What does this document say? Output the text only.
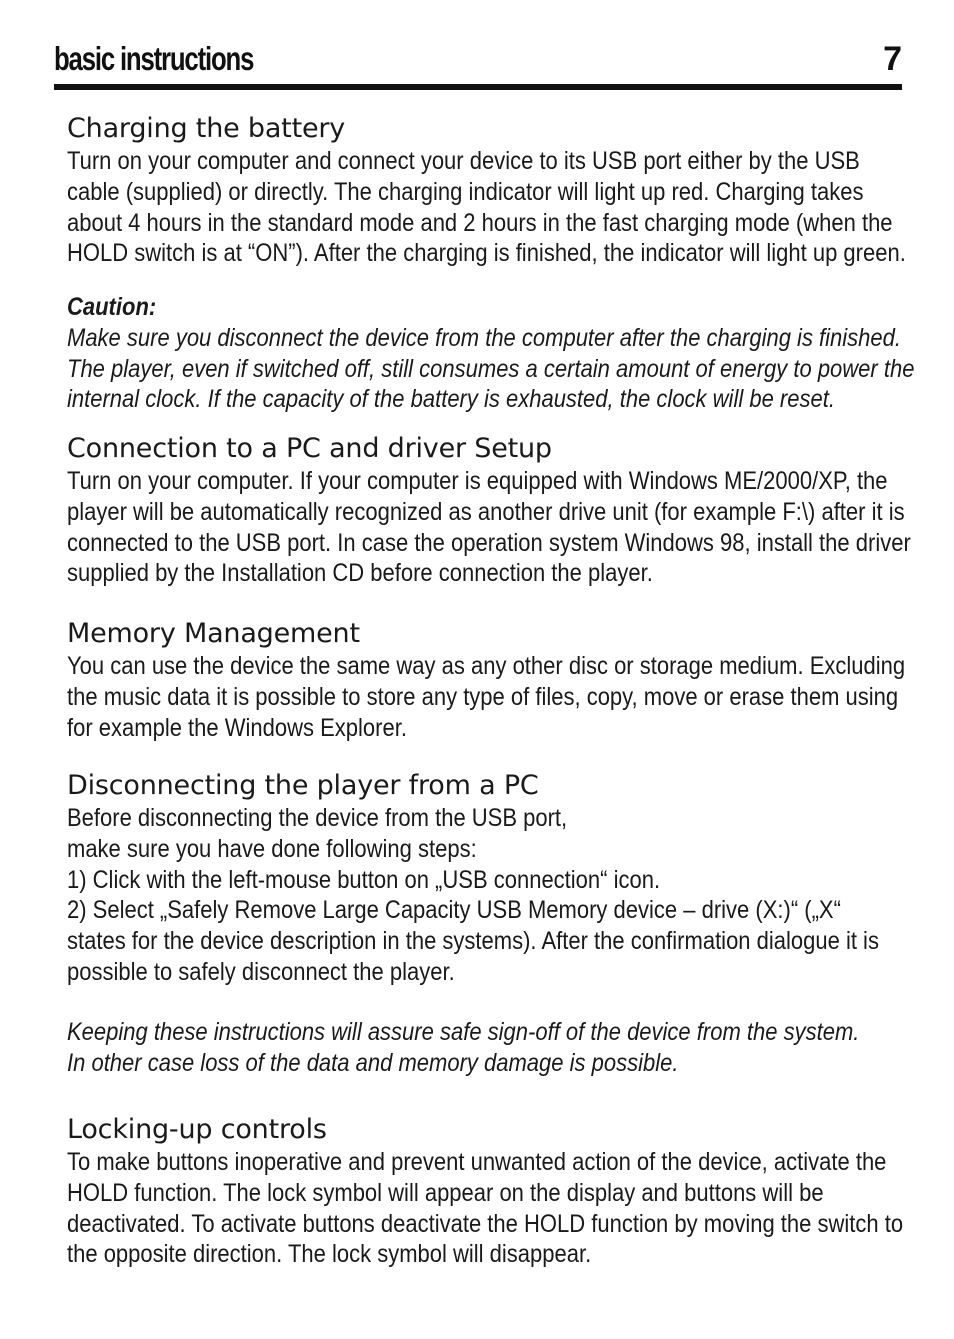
basic instructions	7
Charging the battery
Turn on your computer and connect your device to its USB port either by the USB
cable (supplied) or directly. The charging indicator will light up red. Charging takes
about 4 hours in the standard mode and 2 hours in the fast charging mode (when the
HOLD switch is at “ON”). After the charging is finished, the indicator will light up green.
Caution:
Make sure you disconnect the device from the computer after the charging is finished.
The player, even if switched off, still consumes a certain amount of energy to power the
internal clock. If the capacity of the battery is exhausted, the clock will be reset.
Connection to a PC and driver Setup
Turn on your computer. If your computer is equipped with Windows ME/2000/XP, the
player will be automatically recognized as another drive unit (for example F:\) after it is
connected to the USB port. In case the operation system Windows 98, install the driver
supplied by the Installation CD before connection the player.
Memory Management
You can use the device the same way as any other disc or storage medium. Excluding
the music data it is possible to store any type of files, copy, move or erase them using
for example the Windows Explorer.
Disconnecting the player from a PC
Before disconnecting the device from the USB port,
make sure you have done following steps:
1) Click with the left-mouse button on „USB connection“ icon.
2) Select „Safely Remove Large Capacity USB Memory device – drive (X:)“ („X“
states for the device description in the systems). After the confirmation dialogue it is
possible to safely disconnect the player.
Keeping these instructions will assure safe sign-off of the device from the system.
In other case loss of the data and memory damage is possible.
Locking-up controls
To make buttons inoperative and prevent unwanted action of the device, activate the
HOLD function. The lock symbol will appear on the display and buttons will be
deactivated. To activate buttons deactivate the HOLD function by moving the switch to
the opposite direction. The lock symbol will disappear.
